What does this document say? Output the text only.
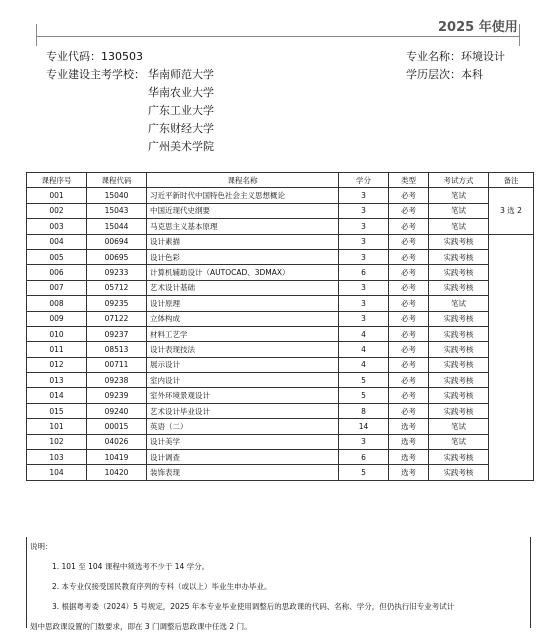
2025 年使用
专业代码：130503
专业建设主考学校： 华南师范大学
华南农业大学
广东工业大学
广东财经大学
广州美术学院
专业名称：环境设计
学历层次：本科
课程序号	课程代码	课程名称	学分	类型	考试方式	备注
001	15040	习近平新时代中国特色社会主义思想概论	3	必考	笔试	3 选 2
002	15043	中国近现代史纲要	3	必考	笔试	
003	15044	马克思主义基本原理	3	必考	笔试	
004	00694	设计素描	3	必考	实践考核	
005	00695	设计色彩	3	必考	实践考核	
006	09233	计算机辅助设计（AUTOCAD、3DMAX）	6	必考	实践考核	
007	05712	艺术设计基础	3	必考	实践考核	
008	09235	设计原理	3	必考	笔试	
009	07122	立体构成	3	必考	实践考核	
010	09237	材料工艺学	4	必考	实践考核	
011	08513	设计表现技法	4	必考	实践考核	
012	00711	展示设计	4	必考	实践考核	
013	09238	室内设计	5	必考	实践考核	
014	09239	室外环境景观设计	5	必考	实践考核	
015	09240	艺术设计毕业设计	8	必考	实践考核	
101	00015	英语（二）	14	选考	笔试	
102	04026	设计美学	3	选考	笔试	
103	10419	设计调查	6	选考	实践考核	
104	10420	装饰表现	5	选考	实践考核	
说明：
1. 101 至 104 课程中须选考不少于 14 学分。
2. 本专业仅接受国民教育序列的专科（或以上）毕业生申办毕业。
3. 根据粤考委（2024）5 号规定，2025 年本专业毕业使用调整后的思政课的代码、名称、学分，但仍执行旧专业考试计
划中思政课设置的门数要求，即在 3 门调整后思政课中任选 2 门。
